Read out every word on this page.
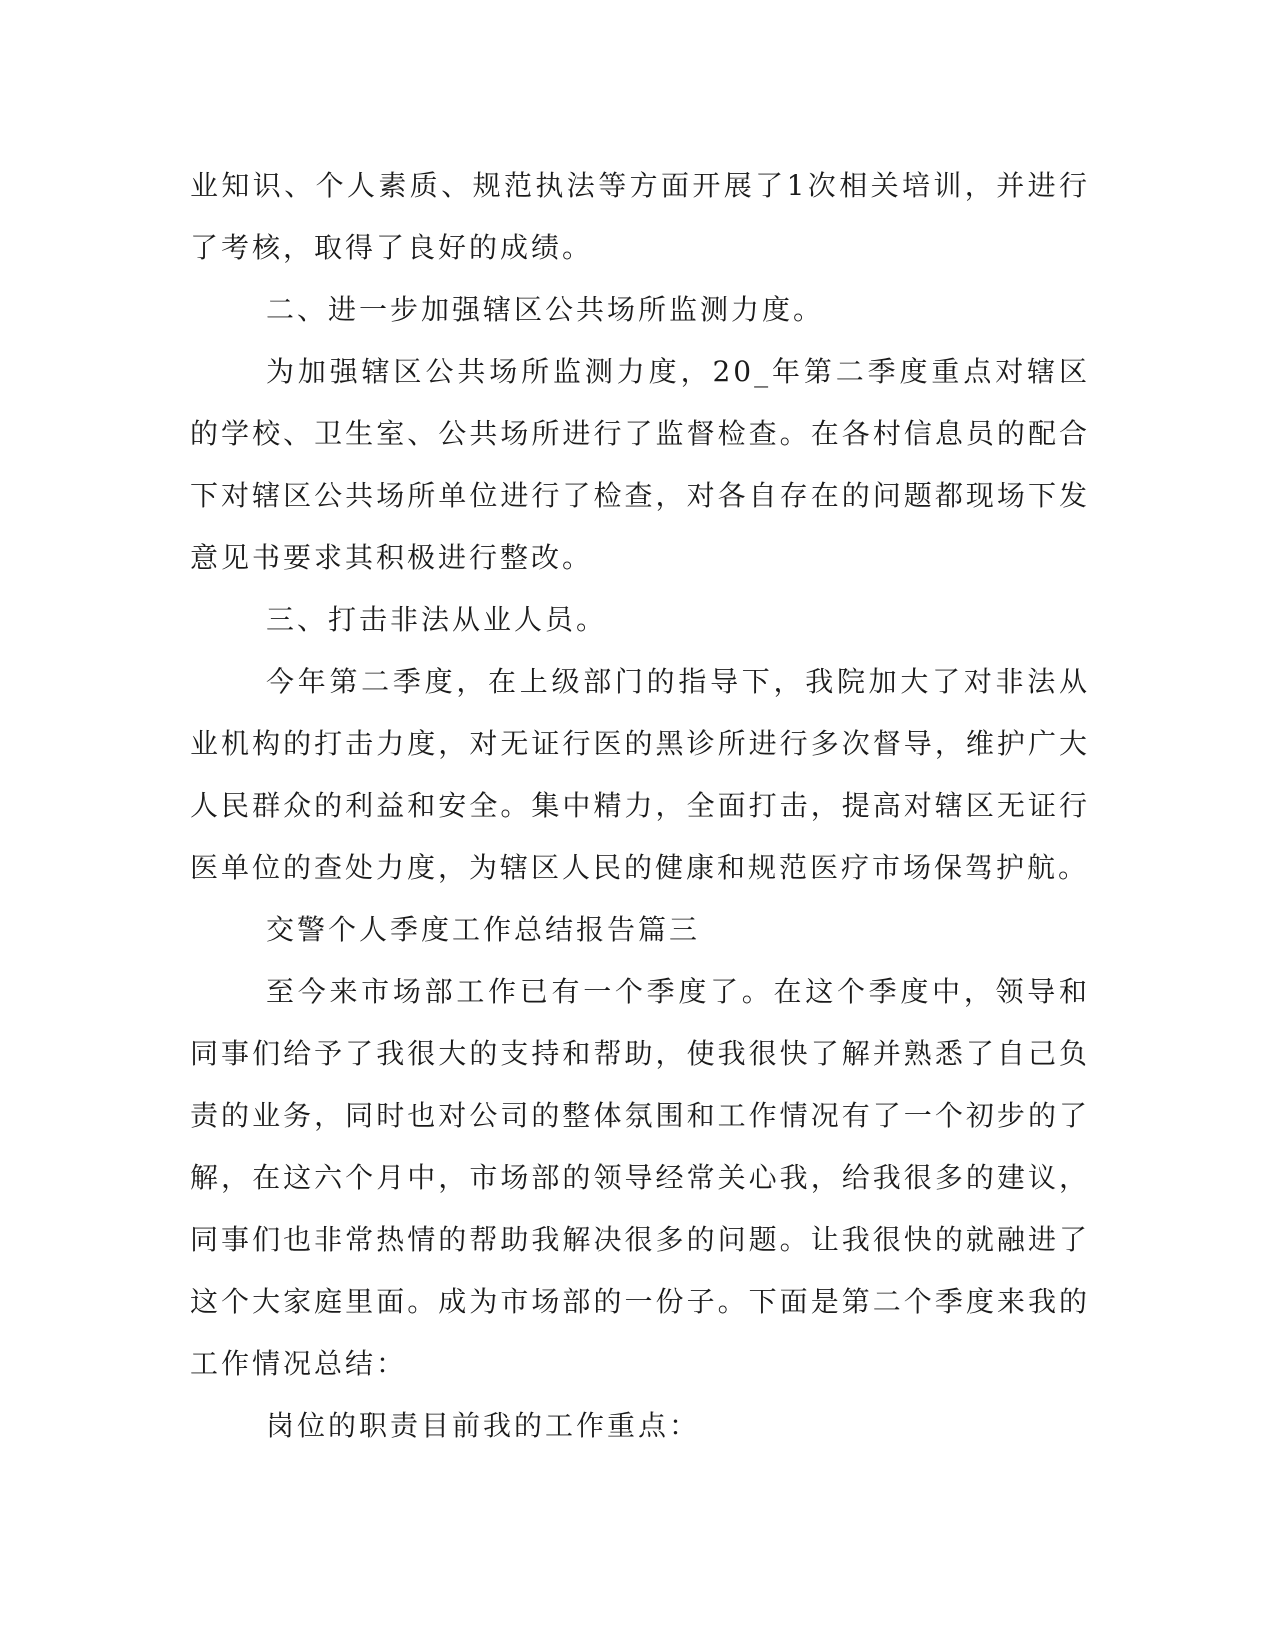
业知识、个人素质、规范执法等方面开展了1次相关培训，并进行了考核，取得了良好的成绩。

二、进一步加强辖区公共场所监测力度。

为加强辖区公共场所监测力度，20_年第二季度重点对辖区的学校、卫生室、公共场所进行了监督检查。在各村信息员的配合下对辖区公共场所单位进行了检查，对各自存在的问题都现场下发意见书要求其积极进行整改。

三、打击非法从业人员。

今年第二季度，在上级部门的指导下，我院加大了对非法从业机构的打击力度，对无证行医的黑诊所进行多次督导，维护广大人民群众的利益和安全。集中精力，全面打击，提高对辖区无证行医单位的查处力度，为辖区人民的健康和规范医疗市场保驾护航。

交警个人季度工作总结报告篇三

至今来市场部工作已有一个季度了。在这个季度中，领导和同事们给予了我很大的支持和帮助，使我很快了解并熟悉了自己负责的业务，同时也对公司的整体氛围和工作情况有了一个初步的了解，在这六个月中，市场部的领导经常关心我，给我很多的建议，同事们也非常热情的帮助我解决很多的问题。让我很快的就融进了这个大家庭里面。成为市场部的一份子。下面是第二个季度来我的工作情况总结：

岗位的职责目前我的工作重点：
